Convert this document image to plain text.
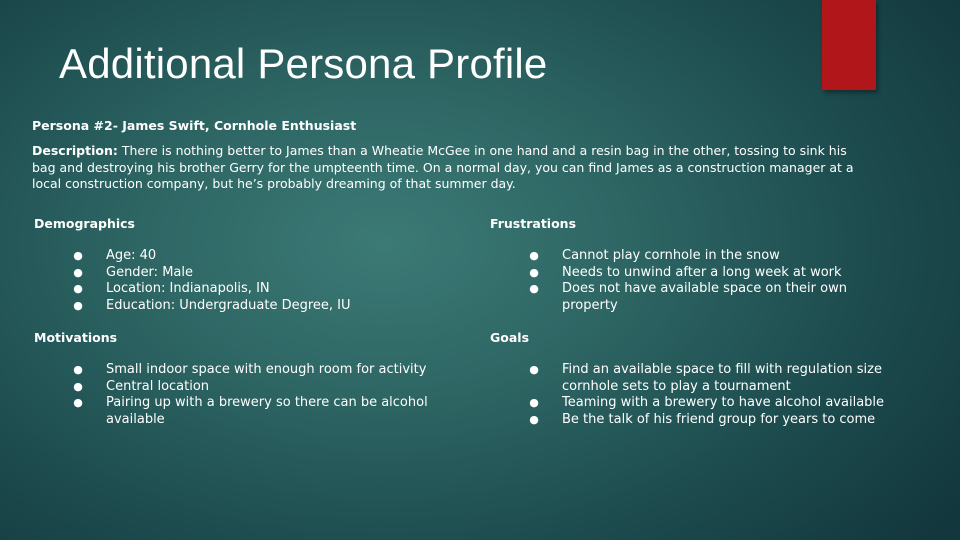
Additional Persona Profile
Persona #2- James Swift, Cornhole Enthusiast

Description: There is nothing better to James than a Wheatie McGee in one hand and a resin bag in the other, tossing to sink his bag and destroying his brother Gerry for the umpteenth time. On a normal day, you can find James as a construction manager at a local construction company, but he’s probably dreaming of that summer day.

Demographics
● Age: 40
● Gender: Male
● Location: Indianapolis, IN
● Education: Undergraduate Degree, IU
Motivations
● Small indoor space with enough room for activity
● Central location
● Pairing up with a brewery so there can be alcohol available
Frustrations
● Cannot play cornhole in the snow
● Needs to unwind after a long week at work
● Does not have available space on their own property
Goals
● Find an available space to fill with regulation size cornhole sets to play a tournament
● Teaming with a brewery to have alcohol available
● Be the talk of his friend group for years to come
